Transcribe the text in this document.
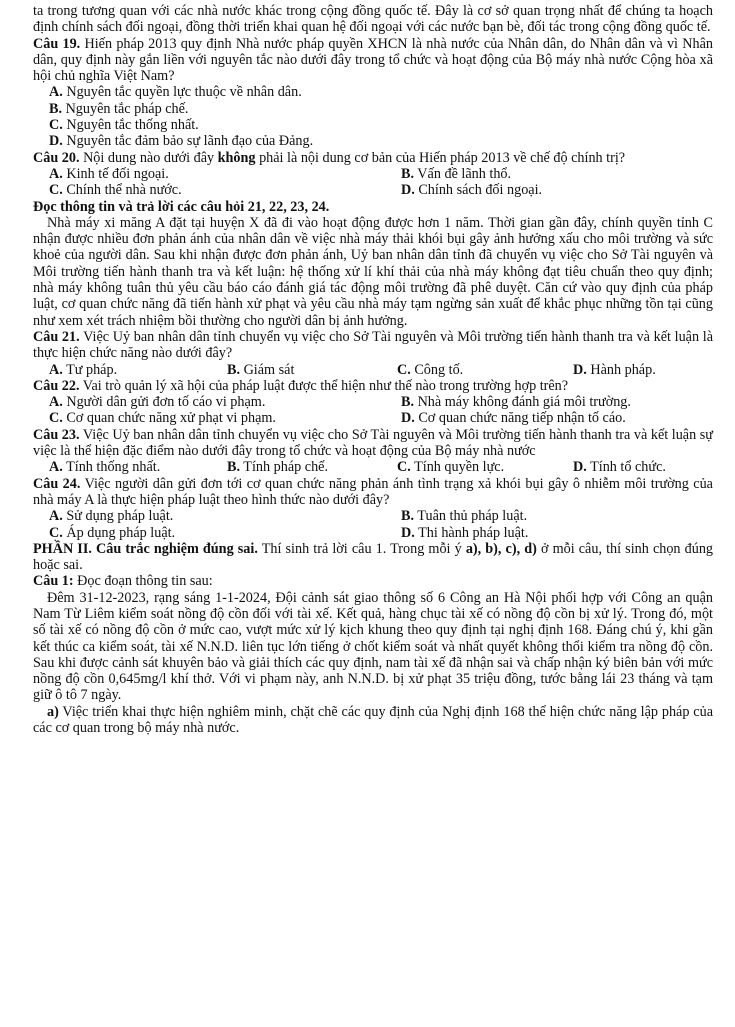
ta trong tương quan với các nhà nước khác trong cộng đồng quốc tế. Đây là cơ sở quan trọng nhất để chúng ta hoạch định chính sách đối ngoại, đồng thời triển khai quan hệ đối ngoại với các nước bạn bè, đối tác trong cộng đồng quốc tế.

Câu 19. Hiến pháp 2013 quy định Nhà nước pháp quyền XHCN là nhà nước của Nhân dân, do Nhân dân và vì Nhân dân, quy định này gắn liền với nguyên tắc nào dưới đây trong tổ chức và hoạt động của Bộ máy nhà nước Cộng hòa xã hội chủ nghĩa Việt Nam?

A. Nguyên tắc quyền lực thuộc về nhân dân.
B. Nguyên tắc pháp chế.
C. Nguyên tắc thống nhất.
D. Nguyên tắc đảm bảo sự lãnh đạo của Đảng.

Câu 20. Nội dung nào dưới đây không phải là nội dung cơ bản của Hiến pháp 2013 về chế độ chính trị?

A. Kinh tế đối ngoại.	B. Vấn đề lãnh thổ.
C. Chính thể nhà nước.	D. Chính sách đối ngoại.

Đọc thông tin và trả lời các câu hỏi 21, 22, 23, 24.

Nhà máy xi măng A đặt tại huyện X đã đi vào hoạt động được hơn 1 năm. Thời gian gần đây, chính quyền tỉnh C nhận được nhiều đơn phản ánh của nhân dân về việc nhà máy thải khói bụi gây ảnh hưởng xấu cho môi trường và sức khoẻ của người dân. Sau khi nhận được đơn phản ánh, Uỷ ban nhân dân tỉnh đã chuyển vụ việc cho Sở Tài nguyên và Môi trường tiến hành thanh tra và kết luận: hệ thống xử lí khí thải của nhà máy không đạt tiêu chuẩn theo quy định; nhà máy không tuân thủ yêu cầu báo cáo đánh giá tác động môi trường đã phê duyệt. Căn cứ vào quy định của pháp luật, cơ quan chức năng đã tiến hành xử phạt và yêu cầu nhà máy tạm ngừng sản xuất để khắc phục những tồn tại cũng như xem xét trách nhiệm bồi thường cho người dân bị ảnh hưởng.

Câu 21. Việc Uỷ ban nhân dân tỉnh chuyển vụ việc cho Sở Tài nguyên và Môi trường tiến hành thanh tra và kết luận là thực hiện chức năng nào dưới đây?

A. Tư pháp.	B. Giám sát	C. Công tố.	D. Hành pháp.

Câu 22. Vai trò quản lý xã hội của pháp luật được thể hiện như thế nào trong trường hợp trên?

A. Người dân gửi đơn tố cáo vi phạm.	B. Nhà máy không đánh giá môi trường.
C. Cơ quan chức năng xử phạt vi phạm.	D. Cơ quan chức năng tiếp nhận tố cáo.

Câu 23. Việc Uỷ ban nhân dân tỉnh chuyển vụ việc cho Sở Tài nguyên và Môi trường tiến hành thanh tra và kết luận sự việc là thể hiện đặc điểm nào dưới đây trong tổ chức và hoạt động của Bộ máy nhà nước

A. Tính thống nhất.	B. Tính pháp chế.	C. Tính quyền lực.	D. Tính tổ chức.

Câu 24. Việc người dân gửi đơn tới cơ quan chức năng phản ánh tình trạng xả khói bụi gây ô nhiễm môi trường của nhà máy A là thực hiện pháp luật theo hình thức nào dưới đây?

A. Sử dụng pháp luật.	B. Tuân thủ pháp luật.
C. Áp dụng pháp luật.	D. Thi hành pháp luật.

PHẦN II. Câu trắc nghiệm đúng sai. Thí sinh trả lời câu 1. Trong mỗi ý a), b), c), d) ở mỗi câu, thí sinh chọn đúng hoặc sai.

Câu 1: Đọc đoạn thông tin sau:

Đêm 31-12-2023, rạng sáng 1-1-2024, Đội cảnh sát giao thông số 6 Công an Hà Nội phối hợp với Công an quận Nam Từ Liêm kiểm soát nồng độ cồn đối với tài xế. Kết quả, hàng chục tài xế có nồng độ cồn bị xử lý. Trong đó, một số tài xế có nồng độ cồn ở mức cao, vượt mức xử lý kịch khung theo quy định tại nghị định 168. Đáng chú ý, khi gần kết thúc ca kiểm soát, tài xế N.N.D. liên tục lớn tiếng ở chốt kiểm soát và nhất quyết không thổi kiểm tra nồng độ cồn. Sau khi được cảnh sát khuyên bảo và giải thích các quy định, nam tài xế đã nhận sai và chấp nhận ký biên bản với mức nồng độ cồn 0,645mg/l khí thở. Với vi phạm này, anh N.N.D. bị xử phạt 35 triệu đồng, tước bằng lái 23 tháng và tạm giữ ô tô 7 ngày.

a) Việc triển khai thực hiện nghiêm minh, chặt chẽ các quy định của Nghị định 168 thể hiện chức năng lập pháp của các cơ quan trong bộ máy nhà nước.
